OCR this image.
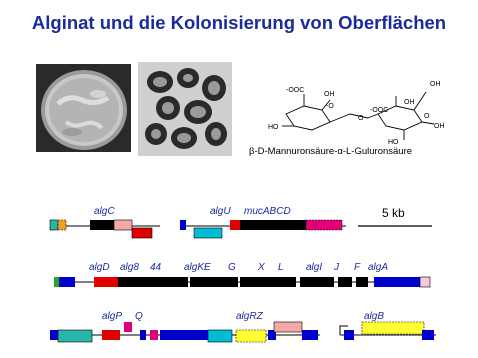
Alginat und die Kolonisierung von Oberflächen
-OOC
OH
-O
HO
-OOC
O	O
OH
OH
OH
HO
β-D-Mannuronsäure-α-L-Guluronsäure
algC	algU mucABCD	5 kb
algD alg8 44 algKE G X L algI J F algA
algP Q	algRZ	algB
